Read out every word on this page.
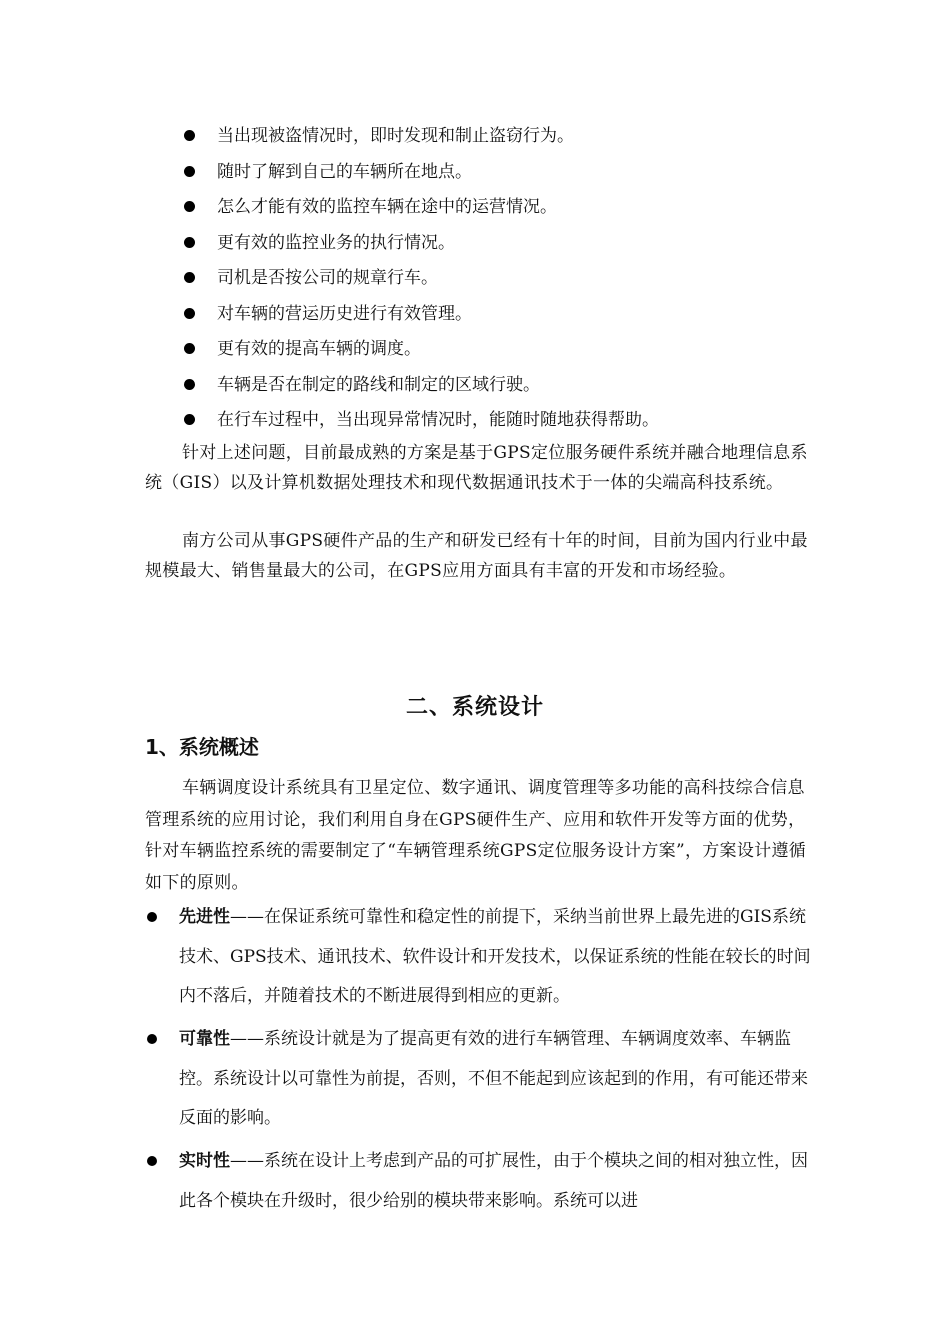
当出现被盗情况时，即时发现和制止盗窃行为。
随时了解到自己的车辆所在地点。
怎么才能有效的监控车辆在途中的运营情况。
更有效的监控业务的执行情况。
司机是否按公司的规章行车。
对车辆的营运历史进行有效管理。
更有效的提高车辆的调度。
车辆是否在制定的路线和制定的区域行驶。
在行车过程中，当出现异常情况时，能随时随地获得帮助。

针对上述问题，目前最成熟的方案是基于GPS定位服务硬件系统并融合地理信息系统（GIS）以及计算机数据处理技术和现代数据通讯技术于一体的尖端高科技系统。

南方公司从事GPS硬件产品的生产和研发已经有十年的时间，目前为国内行业中最规模最大、销售量最大的公司，在GPS应用方面具有丰富的开发和市场经验。

二、系统设计
1、系统概述

车辆调度设计系统具有卫星定位、数字通讯、调度管理等多功能的高科技综合信息管理系统的应用讨论，我们利用自身在GPS硬件生产、应用和软件开发等方面的优势，针对车辆监控系统的需要制定了“车辆管理系统GPS定位服务设计方案”，方案设计遵循如下的原则。

先进性——在保证系统可靠性和稳定性的前提下，采纳当前世界上最先进的GIS系统技术、GPS技术、通讯技术、软件设计和开发技术，以保证系统的性能在较长的时间内不落后，并随着技术的不断进展得到相应的更新。
可靠性——系统设计就是为了提高更有效的进行车辆管理、车辆调度效率、车辆监控。系统设计以可靠性为前提，否则，不但不能起到应该起到的作用，有可能还带来反面的影响。
实时性——系统在设计上考虑到产品的可扩展性，由于个模块之间的相对独立性，因此各个模块在升级时，很少给别的模块带来影响。系统可以进
